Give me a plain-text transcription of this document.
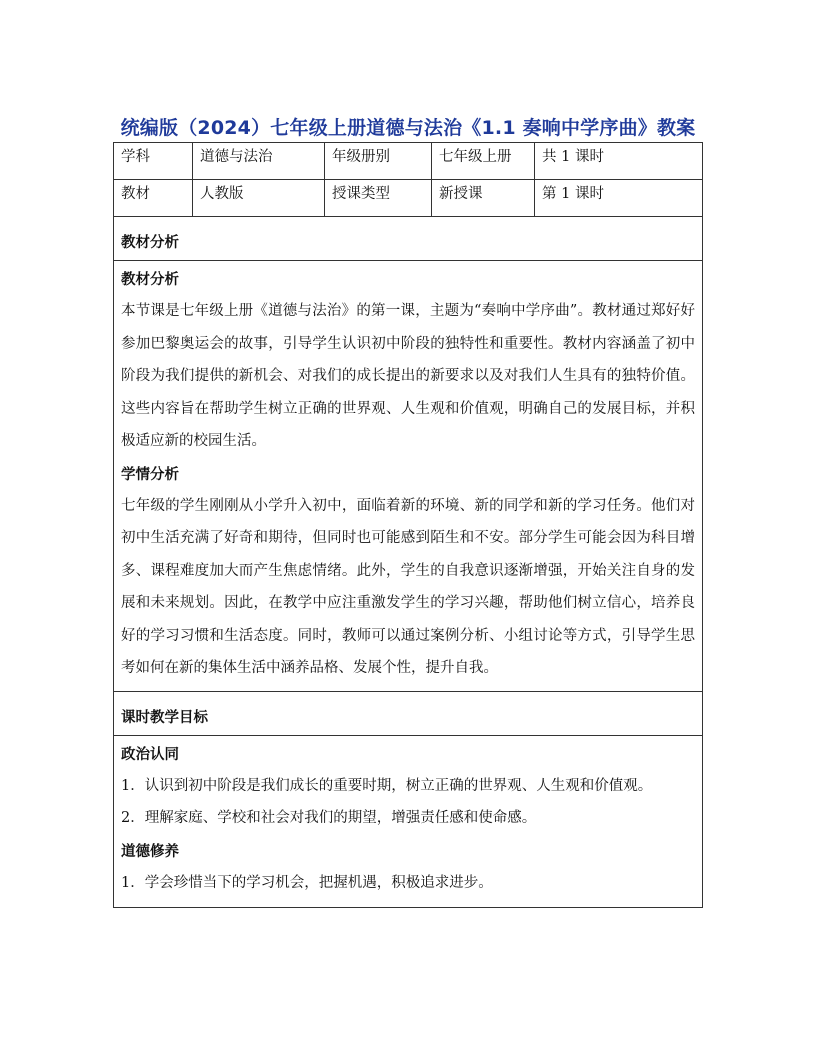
统编版（2024）七年级上册道德与法治《1.1 奏响中学序曲》教案
学科	道德与法治	年级册别	七年级上册	共 1 课时
教材	人教版	授课类型	新授课	第 1 课时
教材分析
教材分析

本节课是七年级上册《道德与法治》的第一课，主题为“奏响中学序曲”。教材通过郑好好参加巴黎奥运会的故事，引导学生认识初中阶段的独特性和重要性。教材内容涵盖了初中阶段为我们提供的新机会、对我们的成长提出的新要求以及对我们人生具有的独特价值。这些内容旨在帮助学生树立正确的世界观、人生观和价值观，明确自己的发展目标，并积极适应新的校园生活。

学情分析

七年级的学生刚刚从小学升入初中，面临着新的环境、新的同学和新的学习任务。他们对初中生活充满了好奇和期待，但同时也可能感到陌生和不安。部分学生可能会因为科目增多、课程难度加大而产生焦虑情绪。此外，学生的自我意识逐渐增强，开始关注自身的发展和未来规划。因此，在教学中应注重激发学生的学习兴趣，帮助他们树立信心，培养良好的学习习惯和生活态度。同时，教师可以通过案例分析、小组讨论等方式，引导学生思考如何在新的集体生活中涵养品格、发展个性，提升自我。

课时教学目标
政治认同

1．认识到初中阶段是我们成长的重要时期，树立正确的世界观、人生观和价值观。

2．理解家庭、学校和社会对我们的期望，增强责任感和使命感。

道德修养

1．学会珍惜当下的学习机会，把握机遇，积极追求进步。
